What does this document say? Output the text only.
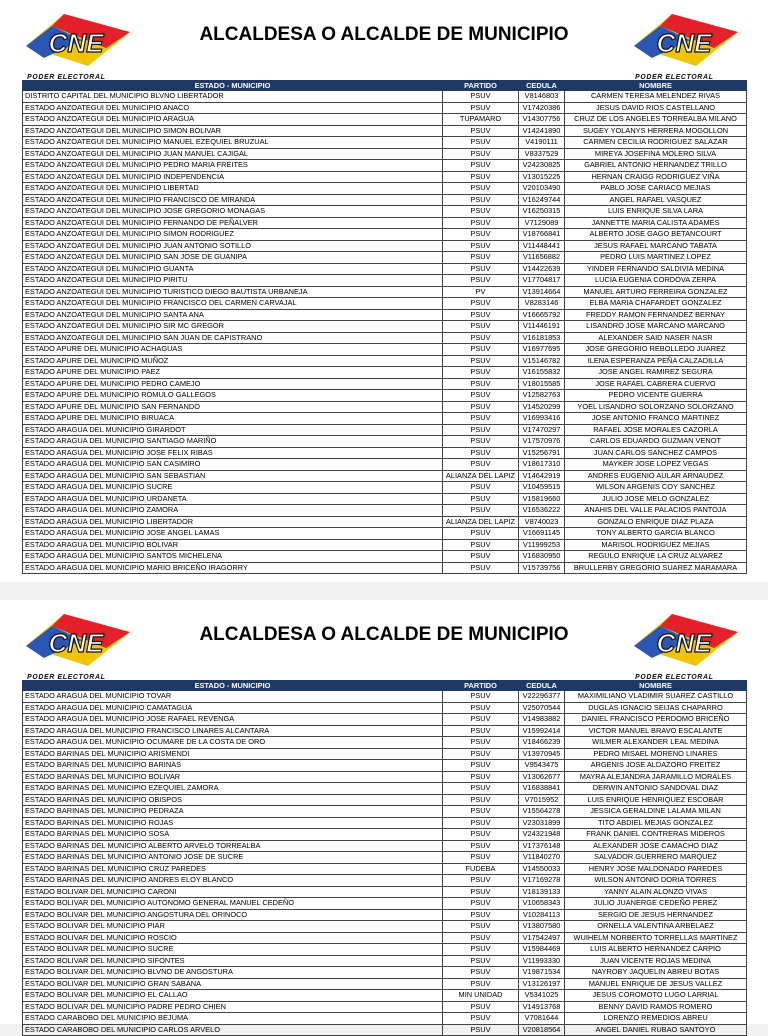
CNE
PODER ELECTORAL
ALCALDESA O ALCALDE DE MUNICIPIO	CNE
PODER ELECTORAL
ESTADO - MUNICIPIO	PARTIDO	CEDULA	NOMBRE
DISTRITO CAPITAL DEL MUNICIPIO BLVNO LIBERTADOR	PSUV	V8146803	CARMEN TERESA MELENDEZ RIVAS
ESTADO ANZOATEGUI DEL MUNICIPIO ANACO	PSUV	V17420386	JESUS DAVID RIOS CASTELLANO
ESTADO ANZOATEGUI DEL MUNICIPIO ARAGUA	TUPAMARO	V14307756	CRUZ DE LOS ANGELES TORREALBA MILANO
ESTADO ANZOATEGUI DEL MUNICIPIO SIMON BOLIVAR	PSUV	V14241890	SUGEY YOLANYS HERRERA MOGOLLON
ESTADO ANZOATEGUI DEL MUNICIPIO MANUEL EZEQUIEL BRUZUAL	PSUV	V4190111	CARMEN CECILIA RODRIGUEZ SALAZAR
ESTADO ANZOATEGUI DEL MUNICIPIO JUAN MANUEL CAJIGAL	PSUV	V8337529	MIREYA JOSEFINA MOLERO SILVA
ESTADO ANZOATEGUI DEL MUNICIPIO PEDRO MARIA FREITES	PSUV	V24230825	GABRIEL ANTONIO HERNANDEZ TRILLO
ESTADO ANZOATEGUI DEL MUNICIPIO INDEPENDENCIA	PSUV	V13015225	HERNAN CRAIGG RODRIGUEZ VIÑA
ESTADO ANZOATEGUI DEL MUNICIPIO LIBERTAD	PSUV	V20103490	PABLO JOSE CARIACO MEJIAS
ESTADO ANZOATEGUI DEL MUNICIPIO FRANCISCO DE MIRANDA	PSUV	V16249744	ANGEL RAFAEL VASQUEZ
ESTADO ANZOATEGUI DEL MUNICIPIO JOSE GREGORIO MONAGAS	PSUV	V16250315	LUIS ENRIQUE SILVA LARA
ESTADO ANZOATEGUI DEL MUNICIPIO FERNANDO DE PEÑALVER	PSUV	V7129089	JANNETTE MARIA CALISTA ADAMES
ESTADO ANZOATEGUI DEL MUNICIPIO SIMON RODRIGUEZ	PSUV	V18766841	ALBERTO JOSE GAGO BETANCOURT
ESTADO ANZOATEGUI DEL MUNICIPIO JUAN ANTONIO SOTILLO	PSUV	V11448441	JESUS RAFAEL MARCANO TABATA
ESTADO ANZOATEGUI DEL MUNICIPIO SAN JOSE DE GUANIPA	PSUV	V11656882	PEDRO LUIS MARTINEZ LOPEZ
ESTADO ANZOATEGUI DEL MUNICIPIO GUANTA	PSUV	V14422639	YINDER FERNANDO SALDIVIA MEDINA
ESTADO ANZOATEGUI DEL MUNICIPIO PIRITU	PSUV	V17704817	LUCIA EUGENIA CORDOVA ZERPA
ESTADO ANZOATEGUI DEL MUNICIPIO TURISTICO DIEGO BAUTISTA URBANEJA	PV	V13914664	MANUEL ARTURO FERREIRA GONZALEZ
ESTADO ANZOATEGUI DEL MUNICIPIO FRANCISCO DEL CARMEN CARVAJAL	PSUV	V8283146	ELBA MARIA CHAFARDET GONZALEZ
ESTADO ANZOATEGUI DEL MUNICIPIO SANTA ANA	PSUV	V16665792	FREDDY RAMON FERNANDEZ BERNAY
ESTADO ANZOATEGUI DEL MUNICIPIO SIR MC GREGOR	PSUV	V11446191	LISANDRO JOSE MARCANO MARCANO
ESTADO ANZOATEGUI DEL MUNICIPIO SAN JUAN DE CAPISTRANO	PSUV	V16181853	ALEXANDER SAID NASER NASR
ESTADO APURE DEL MUNICIPIO ACHAGUAS	PSUV	V16977695	JOSE GREGORIO REBOLLEDO JUAREZ
ESTADO APURE DEL MUNICIPIO MUÑOZ	PSUV	V15146782	ILENA ESPERANZA PEÑA CALZADILLA
ESTADO APURE DEL MUNICIPIO PAEZ	PSUV	V16155832	JOSE ANGEL RAMIREZ SEGURA
ESTADO APURE DEL MUNICIPIO PEDRO CAMEJO	PSUV	V18015585	JOSE RAFAEL CABRERA CUERVO
ESTADO APURE DEL MUNICIPIO ROMULO GALLEGOS	PSUV	V12582763	PEDRO VICENTE GUERRA
ESTADO APURE DEL MUNICIPIO SAN FERNANDO	PSUV	V14520299	YOEL LISANDRO SOLORZANO SOLORZANO
ESTADO APURE DEL MUNICIPIO BIRUACA	PSUV	V16993416	JOSE ANTONIO FRANCO MARTINEZ
ESTADO ARAGUA DEL MUNICIPIO GIRARDOT	PSUV	V17470297	RAFAEL JOSE MORALES CAZORLA
ESTADO ARAGUA DEL MUNICIPIO SANTIAGO MARIÑO	PSUV	V17570976	CARLOS EDUARDO GUZMAN VENOT
ESTADO ARAGUA DEL MUNICIPIO JOSE FELIX RIBAS	PSUV	V15256791	JUAN CARLOS SANCHEZ CAMPOS
ESTADO ARAGUA DEL MUNICIPIO SAN CASIMIRO	PSUV	V18617310	MAYKER JOSE LOPEZ VEGAS
ESTADO ARAGUA DEL MUNICIPIO SAN SEBASTIAN	ALIANZA DEL LAPIZ	V14642919	ANDRES EUGENIO AULAR ARNAUDEZ
ESTADO ARAGUA DEL MUNICIPIO SUCRE	PSUV	V10459515	WILSON ARGENIS COY SANCHEZ
ESTADO ARAGUA DEL MUNICIPIO URDANETA	PSUV	V15819660	JULIO JOSE MELO GONZALEZ
ESTADO ARAGUA DEL MUNICIPIO ZAMORA	PSUV	V16536222	ANAHIS DEL VALLE PALACIOS PANTOJA
ESTADO ARAGUA DEL MUNICIPIO LIBERTADOR	ALIANZA DEL LAPIZ	V8740023	GONZALO ENRIQUE DIAZ PLAZA
ESTADO ARAGUA DEL MUNICIPIO JOSE ANGEL LAMAS	PSUV	V16691145	TONY ALBERTO GARCIA BLANCO
ESTADO ARAGUA DEL MUNICIPIO BOLIVAR	PSUV	V11999253	MARISOL RODRIGUEZ MEJIAS
ESTADO ARAGUA DEL MUNICIPIO SANTOS MICHELENA	PSUV	V16830950	REGULO ENRIQUE LA CRUZ ALVAREZ
ESTADO ARAGUA DEL MUNICIPIO MARIO BRICEÑO IRAGORRY	PSUV	V15739756	BRULLERBY GREGORIO SUAREZ MARAMARA
CNE
PODER ELECTORAL
ALCALDESA O ALCALDE DE MUNICIPIO	CNE
PODER ELECTORAL
ESTADO - MUNICIPIO	PARTIDO	CEDULA	NOMBRE
ESTADO ARAGUA DEL MUNICIPIO TOVAR	PSUV	V22296377	MAXIMILIANO VLADIMIR SUAREZ CASTILLO
ESTADO ARAGUA DEL MUNICIPIO CAMATAGUA	PSUV	V25070544	DUGLAS IGNACIO SEIJAS CHAPARRO
ESTADO ARAGUA DEL MUNICIPIO JOSE RAFAEL REVENGA	PSUV	V14983882	DANIEL FRANCISCO PERDOMO BRICEÑO
ESTADO ARAGUA DEL MUNICIPIO FRANCISCO LINARES ALCANTARA	PSUV	V15992414	VICTOR MANUEL BRAVO ESCALANTE
ESTADO ARAGUA DEL MUNICIPIO OCUMARE DE LA COSTA DE ORO	PSUV	V18466239	WILMER ALEXANDER LEAL MEDINA
ESTADO BARINAS DEL MUNICIPIO ARISMENDI	PSUV	V13970945	PEDRO MISAEL MORENO LINARES
ESTADO BARINAS DEL MUNICIPIO BARINAS	PSUV	V9543475	ARGENIS JOSE ALDAZORO FREITEZ
ESTADO BARINAS DEL MUNICIPIO BOLIVAR	PSUV	V13062677	MAYRA ALEJANDRA JARAMILLO MORALES
ESTADO BARINAS DEL MUNICIPIO EZEQUIEL ZAMORA	PSUV	V16838841	DERWIN ANTONIO SANDOVAL DIAZ
ESTADO BARINAS DEL MUNICIPIO OBISPOS	PSUV	V7015952	LUIS ENRIQUE HENRIQUEZ ESCOBAR
ESTADO BARINAS DEL MUNICIPIO PEDRAZA	PSUV	V15564278	JESSICA GERALDINE LALAMA MILAN
ESTADO BARINAS DEL MUNICIPIO ROJAS	PSUV	V23031899	TITO ABDIEL MEJIAS GONZALEZ
ESTADO BARINAS DEL MUNICIPIO SOSA	PSUV	V24321948	FRANK DANIEL CONTRERAS MIDEROS
ESTADO BARINAS DEL MUNICIPIO ALBERTO ARVELO TORREALBA	PSUV	V17376148	ALEXANDER JOSE CAMACHO DIAZ
ESTADO BARINAS DEL MUNICIPIO ANTONIO JOSE DE SUCRE	PSUV	V11840270	SALVADOR GUERRERO MARQUEZ
ESTADO BARINAS DEL MUNICIPIO CRUZ PAREDES	FUDEBA	V14550033	HENRY JOSE MALDONADO PAREDES
ESTADO BARINAS DEL MUNICIPIO ANDRES ELOY BLANCO	PSUV	V17169278	WILSON ANTONIO DORIA TORRES
ESTADO BOLIVAR DEL MUNICIPIO CARONI	PSUV	V18139133	YANNY ALAIN ALONZO VIVAS
ESTADO BOLIVAR DEL MUNICIPIO AUTONOMO GENERAL MANUEL CEDEÑO	PSUV	V10658343	JULIO JUANERGE CEDEÑO PEREZ
ESTADO BOLIVAR DEL MUNICIPIO ANGOSTURA DEL ORINOCO	PSUV	V10284113	SERGIO DE JESUS HERNANDEZ
ESTADO BOLIVAR DEL MUNICIPIO PIAR	PSUV	V13807580	ORNELLA VALENTINA ARBELAEZ
ESTADO BOLIVAR DEL MUNICIPIO ROSCIO	PSUV	V17542497	WUIHELM NORBERTO TORRELLAS MARTINEZ
ESTADO BOLIVAR DEL MUNICIPIO SUCRE	PSUV	V15984469	LUIS ALBERTO HERNANDEZ CARPIO
ESTADO BOLIVAR DEL MUNICIPIO SIFONTES	PSUV	V11993330	JUAN VICENTE ROJAS MEDINA
ESTADO BOLIVAR DEL MUNICIPIO BLVNO DE ANGOSTURA	PSUV	V19871534	NAYROBY JAQUELIN ABREU BOTAS
ESTADO BOLIVAR DEL MUNICIPIO GRAN SABANA	PSUV	V13126197	MANUEL ENRIQUE DE JESUS VALLEZ
ESTADO BOLIVAR DEL MUNICIPIO EL CALLAO	MIN UNIDAD	V5341025	JESUS COROMOTO LUGO LARRIAL
ESTADO BOLIVAR DEL MUNICIPIO PADRE PEDRO CHIEN	PSUV	V14913768	BENNY DAVID RAMOS ROMERO
ESTADO CARABOBO DEL MUNICIPIO BEJUMA	PSUV	V7081644	LORENZO REMEDIOS ABREU
ESTADO CARABOBO DEL MUNICIPIO CARLOS ARVELO	PSUV	V20818564	ANGEL DANIEL RUBAO SANTOYO
